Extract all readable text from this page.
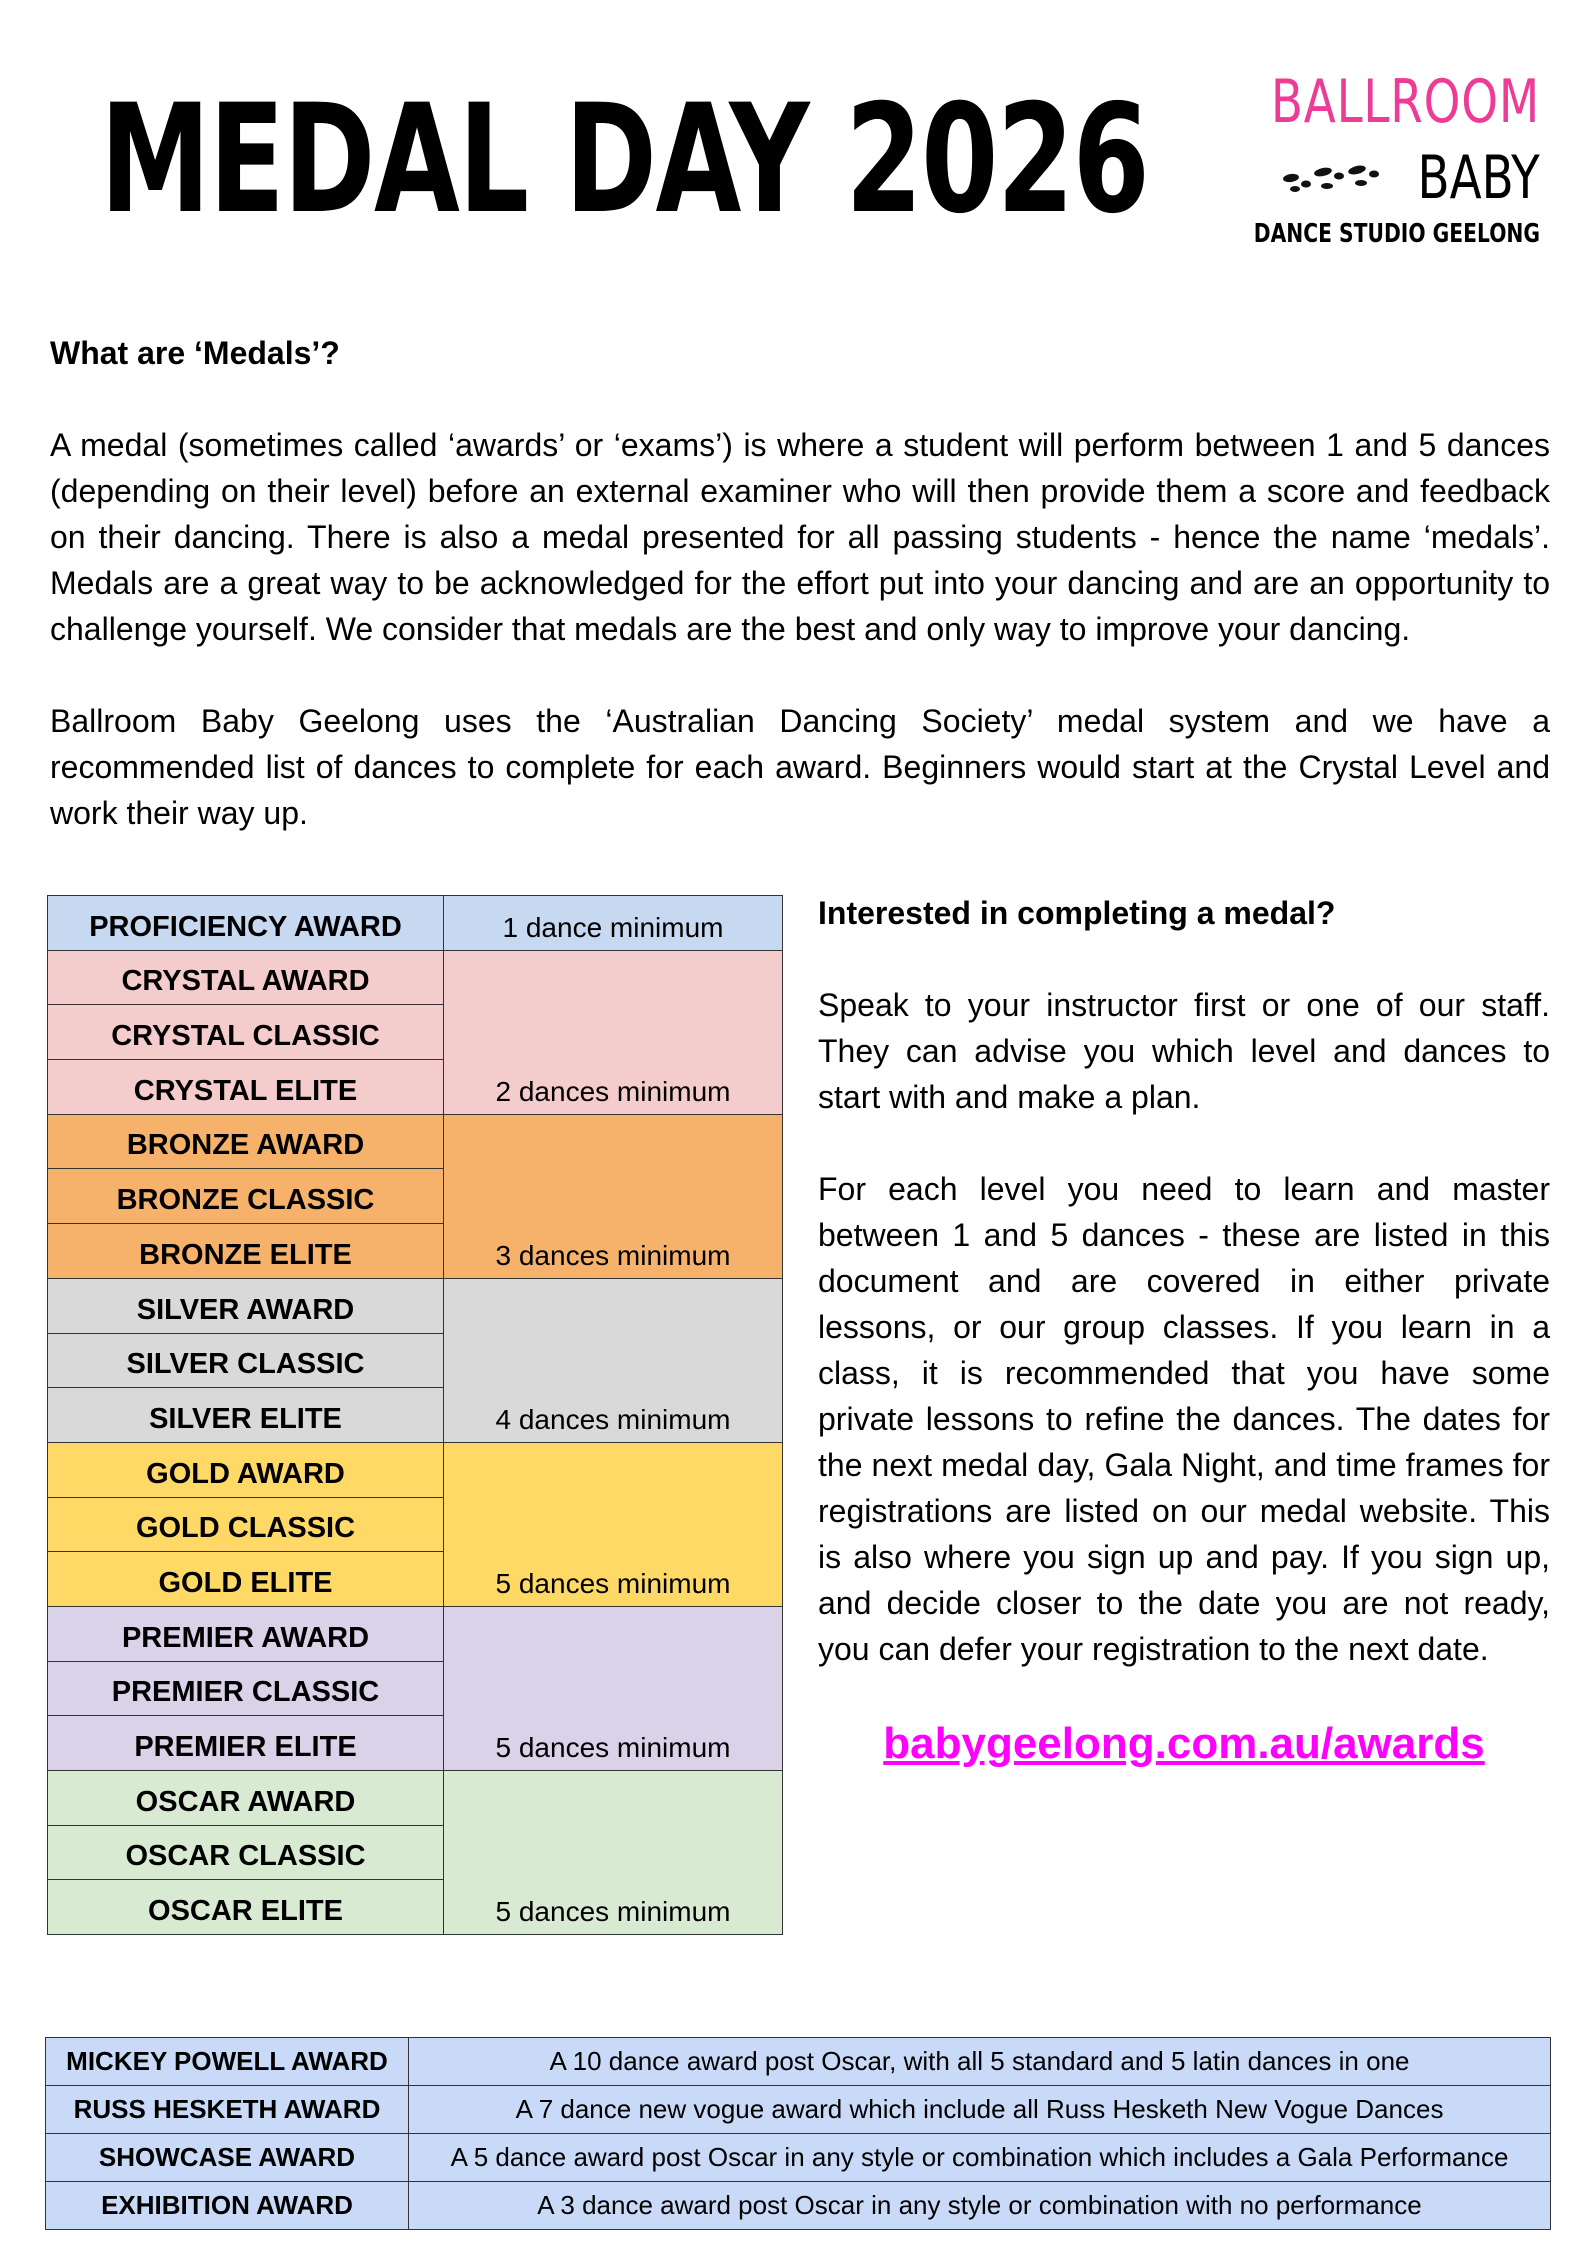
MEDAL DAY 2026 BALLROOM

BABY

DANCE STUDIO GEELONG

What are ‘Medals’?

A medal (sometimes called ‘awards’ or ‘exams’) is where a student will perform between 1 and 5 dances (depending on their level) before an external examiner who will then provide them a score and feedback on their dancing. There is also a medal presented for all passing students - hence the name ‘medals’. Medals are a great way to be acknowledged for the effort put into your dancing and are an opportunity to challenge yourself. We consider that medals are the best and only way to improve your dancing.

Ballroom Baby Geelong uses the ‘Australian Dancing Society’ medal system and we have a recommended list of dances to complete for each award. Beginners would start at the Crystal Level and work their way up.

PROFICIENCY AWARD	1 dance minimum
CRYSTAL AWARD	2 dances minimum
CRYSTAL CLASSIC	
CRYSTAL ELITE	
BRONZE AWARD	3 dances minimum
BRONZE CLASSIC	
BRONZE ELITE	
SILVER AWARD	4 dances minimum
SILVER CLASSIC	
SILVER ELITE	
GOLD AWARD	5 dances minimum
GOLD CLASSIC	
GOLD ELITE	
PREMIER AWARD	5 dances minimum
PREMIER CLASSIC	
PREMIER ELITE	
OSCAR AWARD	5 dances minimum
OSCAR CLASSIC	
OSCAR ELITE	
Interested in completing a medal?

Speak to your instructor first or one of our staff. They can advise you which level and dances to start with and make a plan.

For each level you need to learn and master between 1 and 5 dances - these are listed in this document and are covered in either private lessons, or our group classes. If you learn in a class, it is recommended that you have some private lessons to refine the dances. The dates for the next medal day, Gala Night, and time frames for registrations are listed on our medal website. This is also where you sign up and pay. If you sign up, and decide closer to the date you are not ready, you can defer your registration to the next date.

babygeelong.com.au/awards
MICKEY POWELL AWARD	A 10 dance award post Oscar, with all 5 standard and 5 latin dances in one
RUSS HESKETH AWARD	A 7 dance new vogue award which include all Russ Hesketh New Vogue Dances
SHOWCASE AWARD	A 5 dance award post Oscar in any style or combination which includes a Gala Performance
EXHIBITION AWARD	A 3 dance award post Oscar in any style or combination with no performance
